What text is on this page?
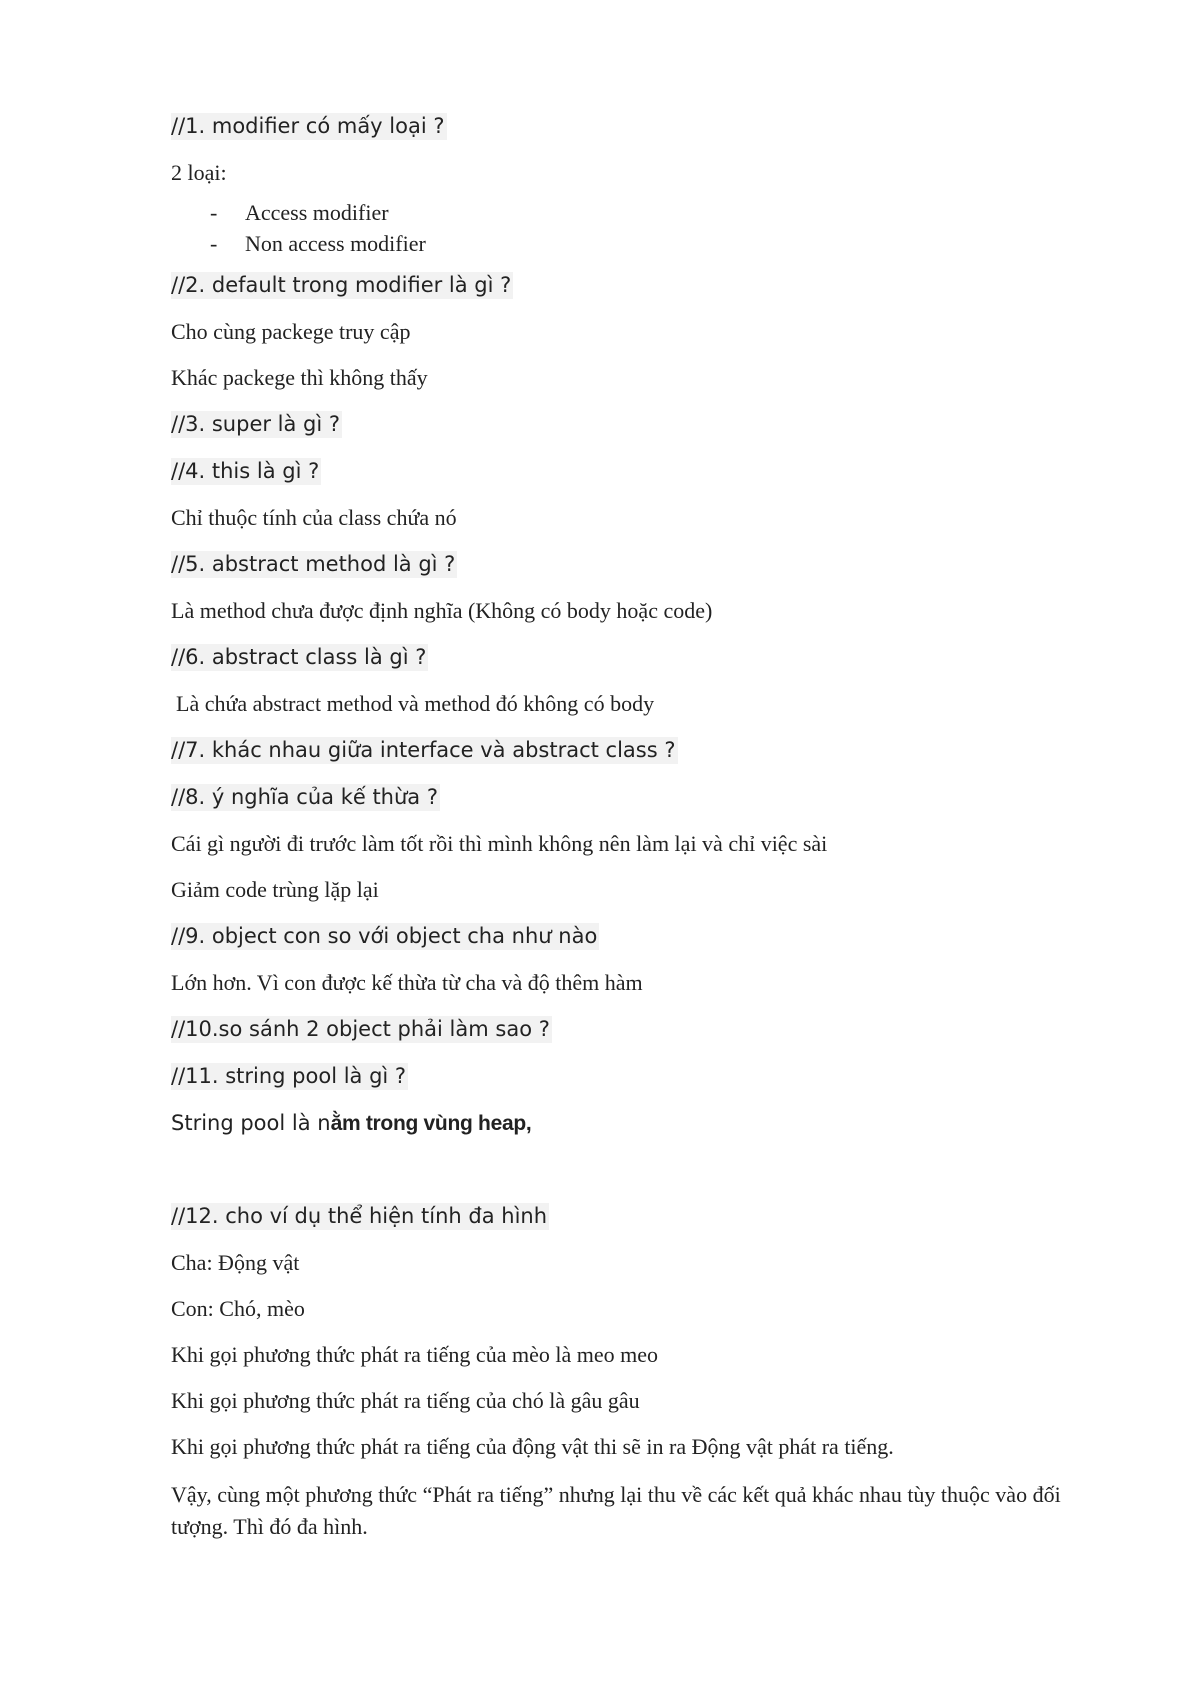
//1. modifier có mấy loại ?

2 loại:

- Access modifier
- Non access modifier

//2. default trong modifier là gì ?

Cho cùng packege truy cập

Khác packege thì không thấy

//3. super là gì ?

//4. this là gì ?

Chỉ thuộc tính của class chứa nó

//5. abstract method là gì ?

Là method chưa được định nghĩa (Không có body hoặc code)

//6. abstract class là gì ?

Là chứa abstract method và method đó không có body

//7. khác nhau giữa interface và abstract class ?

//8. ý nghĩa của kế thừa ?

Cái gì người đi trước làm tốt rồi thì mình không nên làm lại và chỉ việc sài

Giảm code trùng lặp lại

//9. object con so với object cha như nào

Lớn hơn. Vì con được kế thừa từ cha và độ thêm hàm

//10.so sánh 2 object phải làm sao ?

//11. string pool là gì ?

String pool là nằm trong vùng heap,

//12. cho ví dụ thể hiện tính đa hình

Cha: Động vật

Con: Chó, mèo

Khi gọi phương thức phát ra tiếng của mèo là meo meo

Khi gọi phương thức phát ra tiếng của chó là gâu gâu

Khi gọi phương thức phát ra tiếng của động vật thi sẽ in ra Động vật phát ra tiếng.

Vậy, cùng một phương thức “Phát ra tiếng” nhưng lại thu về các kết quả khác nhau tùy thuộc vào đối tượng. Thì đó đa hình.
